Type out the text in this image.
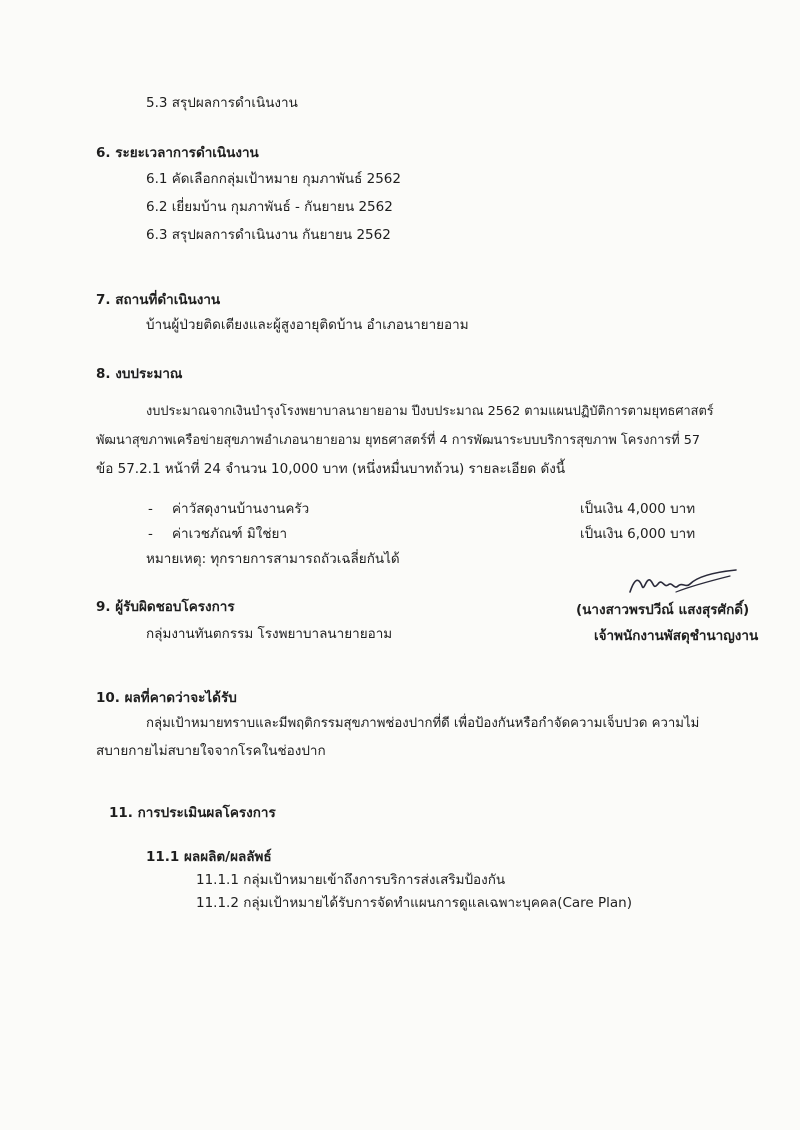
5.3 สรุปผลการดำเนินงาน
6. ระยะเวลาการดำเนินงาน
6.1 คัดเลือกกลุ่มเป้าหมาย กุมภาพันธ์ 2562
6.2 เยี่ยมบ้าน กุมภาพันธ์ - กันยายน 2562
6.3 สรุปผลการดำเนินงาน กันยายน 2562
7. สถานที่ดำเนินงาน
บ้านผู้ป่วยติดเตียงและผู้สูงอายุติดบ้าน อำเภอนายายอาม
8. งบประมาณ
งบประมาณจากเงินบำรุงโรงพยาบาลนายายอาม ปีงบประมาณ 2562 ตามแผนปฏิบัติการตามยุทธศาสตร์
พัฒนาสุขภาพเครือข่ายสุขภาพอำเภอนายายอาม ยุทธศาสตร์ที่ 4 การพัฒนาระบบบริการสุขภาพ โครงการที่ 57
ข้อ 57.2.1 หน้าที่ 24 จำนวน 10,000 บาท (หนึ่งหมื่นบาทถ้วน) รายละเอียด ดังนี้
- ค่าวัสดุงานบ้านงานครัว	เป็นเงิน 4,000 บาท
- ค่าเวชภัณฑ์ มิใช่ยา	เป็นเงิน 6,000 บาท
หมายเหตุ: ทุกรายการสามารถถัวเฉลี่ยกันได้
9. ผู้รับผิดชอบโครงการ
กลุ่มงานทันตกรรม โรงพยาบาลนายายอาม
(นางสาวพรปวีณ์ แสงสุรศักดิ์)
เจ้าพนักงานพัสดุชำนาญงาน
10. ผลที่คาดว่าจะได้รับ
กลุ่มเป้าหมายทราบและมีพฤติกรรมสุขภาพช่องปากที่ดี เพื่อป้องกันหรือกำจัดความเจ็บปวด ความไม่
สบายกายไม่สบายใจจากโรคในช่องปาก
11. การประเมินผลโครงการ
11.1 ผลผลิต/ผลลัพธ์
11.1.1 กลุ่มเป้าหมายเข้าถึงการบริการส่งเสริมป้องกัน
11.1.2 กลุ่มเป้าหมายได้รับการจัดทำแผนการดูแลเฉพาะบุคคล(Care Plan)
